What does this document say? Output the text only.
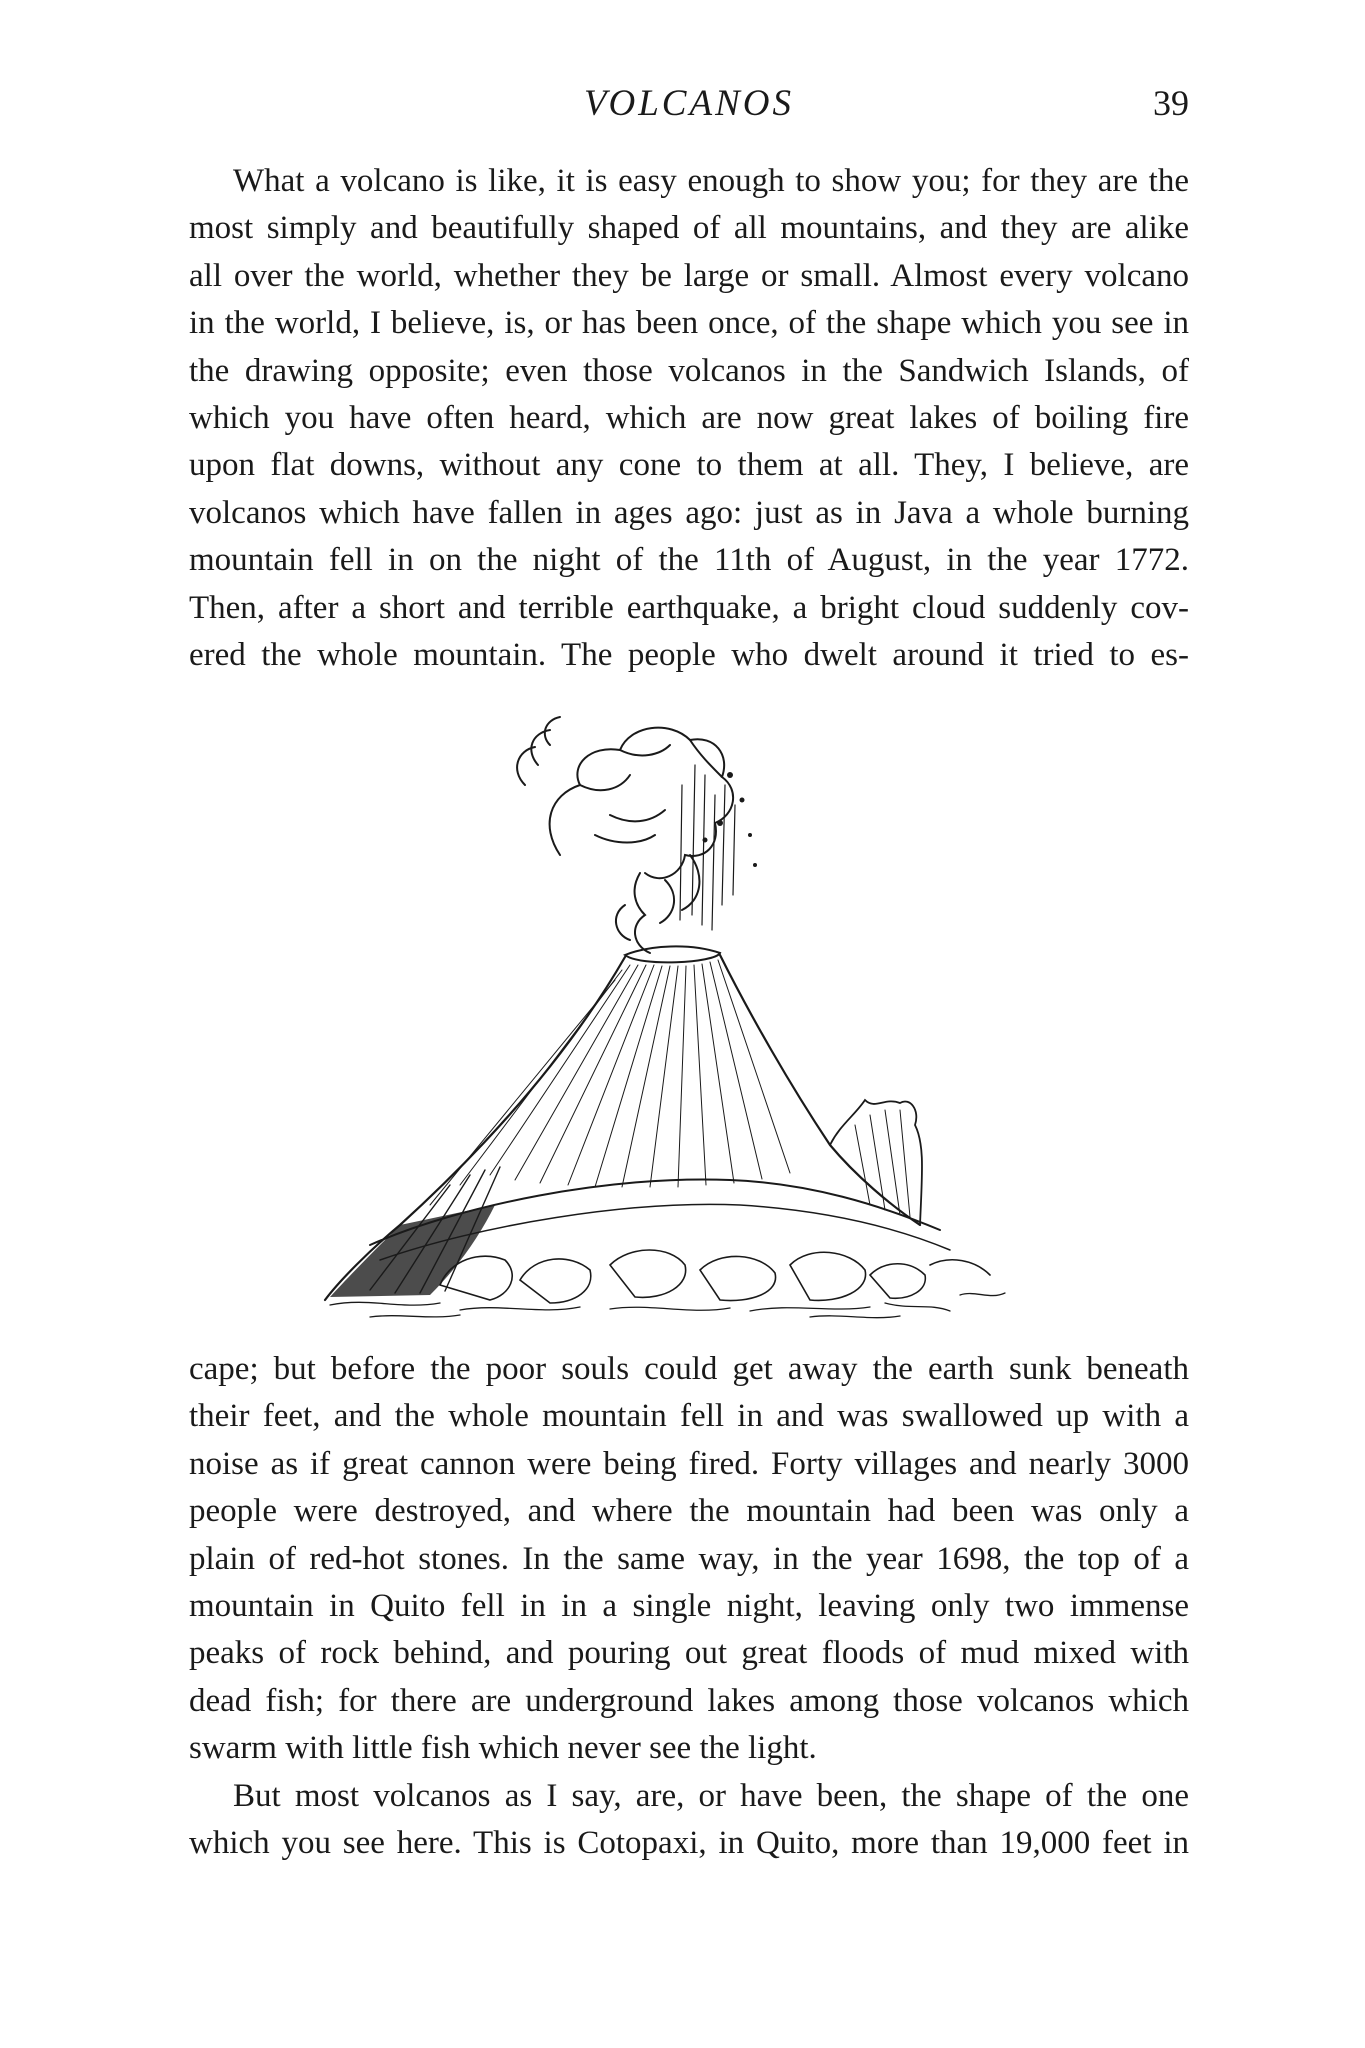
VOLCANOS	39
What a volcano is like, it is easy enough to show you; for they are the
most simply and beautifully shaped of all mountains, and they are alike
all over the world, whether they be large or small. Almost every volcano
in the world, I believe, is, or has been once, of the shape which you see in
the drawing opposite; even those volcanos in the Sandwich Islands, of
which you have often heard, which are now great lakes of boiling fire
upon flat downs, without any cone to them at all. They, I believe, are
volcanos which have fallen in ages ago: just as in Java a whole burning
mountain fell in on the night of the 11th of August, in the year 1772.
Then, after a short and terrible earthquake, a bright cloud suddenly cov-
ered the whole mountain. The people who dwelt around it tried to es-
cape; but before the poor souls could get away the earth sunk beneath
their feet, and the whole mountain fell in and was swallowed up with a
noise as if great cannon were being fired. Forty villages and nearly 3000
people were destroyed, and where the mountain had been was only a
plain of red-hot stones. In the same way, in the year 1698, the top of a
mountain in Quito fell in in a single night, leaving only two immense
peaks of rock behind, and pouring out great floods of mud mixed with
dead fish; for there are underground lakes among those volcanos which
swarm with little fish which never see the light.
But most volcanos as I say, are, or have been, the shape of the one
which you see here. This is Cotopaxi, in Quito, more than 19,000 feet in
